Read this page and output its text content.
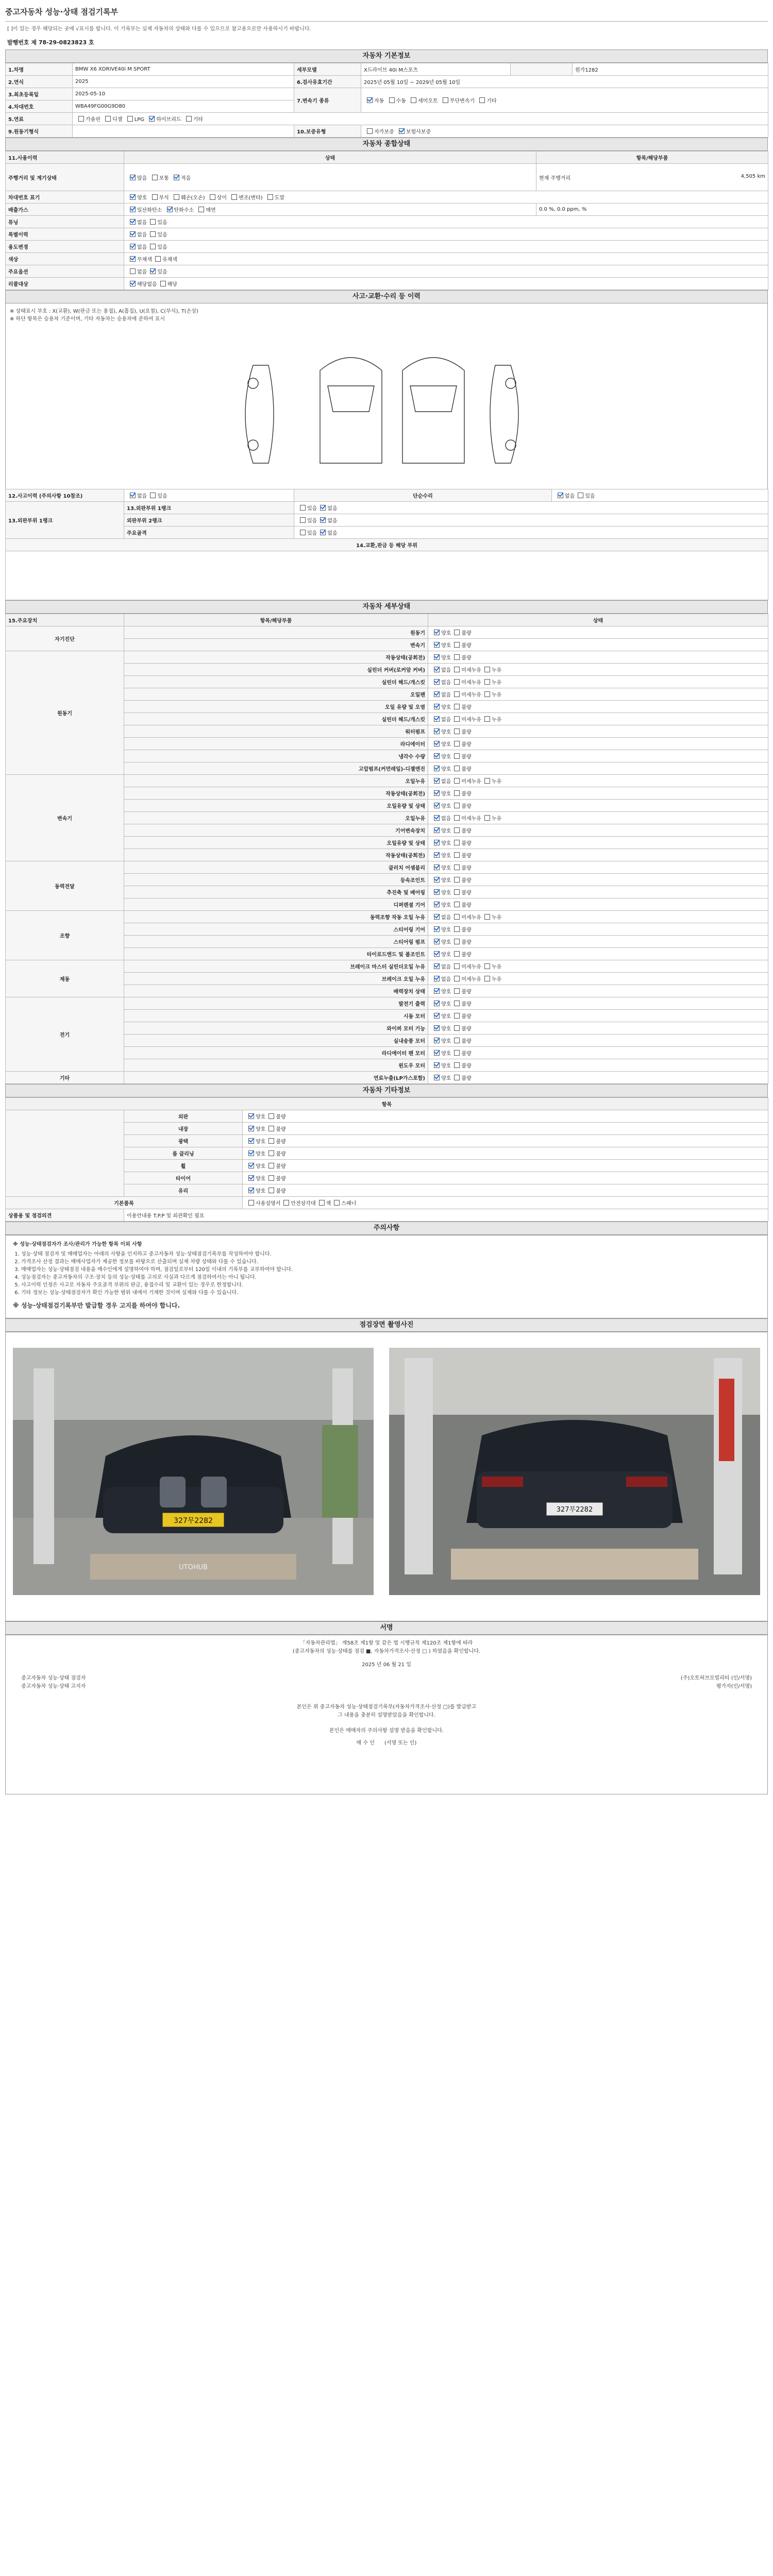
중고자동차 성능·상태 점검기록부
[ ]이 있는 경우 해당되는 곳에 √표시를 합니다. 이 기록부는 실제 자동차의 상태와 다를 수 있으므로 참고용으로만 사용하시기 바랍니다.
발행번호 제 78-29-0823823 호
자동차 기본정보
1.차명	BMW X6 XDRIVE40i M SPORT	세부모델	X드라이브 40i M스포츠		원가1282
2.연식	2025	6.검사유효기간	2025년 05월 10일 ~ 2029년 05월 10일		
3.최초등록일	2025-05-10	7.변속기 종류	자동 수동 세미오토 무단변속기 기타		
4.차대번호	WBA49FG00G9D80				
5.연료	가솔린 디젤 LPG 하이브리드 기타				
9.원동기형식		10.보증유형	자가보증 보험사보증		
자동차 종합상태
11.사용이력	상태	항목/해당부품
주행거리 및 계기상태	많음 보통 적음	현재 주행거리 4,505 km

차대번호 표기	양호 부식 훼손(오손) 상이 변조(변타) 도말	
배출가스	일산화탄소 탄화수소 매연	0.0 %, 0.0 ppm, %
튜닝	없음 있음	
특별이력	없음 있음	
용도변경	없음 있음	
색상	무채색 유채색	
주요옵션	없음 있음	
리콜대상	해당없음 해당	
사고·교환·수리 등 이력
※ 상태표시 부호 : X(교환), W(판금 또는 용접), A(흠집), U(요철), C(부식), T(손상)
※ 하단 항목은 승용차 기준이며, 기타 자동차는 승용차에 준하여 표시
12.사고이력 (주의사항 10참조)	없음 있음	단순수리	없음 있음
13.외판부위 1랭크	13.외판부위 1랭크	있음 없음	
	외판부위 2랭크	있음 없음	
	주요골격	있음 없음	
14.교환,판금 등 해당 부위			

자동차 세부상태
15.주요장치	항목/해당부품	상태
자기진단	원동기	양호 불량
	변속기	양호 불량
원동기	작동상태(공회전)	양호 불량
	실린더 커버(로커암 커버)	없음 미세누유 누유
	실린더 헤드/개스킷	없음 미세누유 누유
	오일팬	없음 미세누유 누유
	오일 유량 및 오염	양호 불량
	실린더 헤드/개스킷	없음 미세누유 누유
	워터펌프	양호 불량
	라디에이터	양호 불량
	냉각수 수량	양호 불량
	고압펌프(커먼레일)-디젤엔진	양호 불량
변속기	오일누유	없음 미세누유 누유
	작동상태(공회전)	양호 불량
	오일유량 및 상태	양호 불량
	오일누유	없음 미세누유 누유
	기어변속장치	양호 불량
	오일유량 및 상태	양호 불량
	작동상태(공회전)	양호 불량
동력전달	클러치 어셈블리	양호 불량
	등속조인트	양호 불량
	추진축 및 베어링	양호 불량
	디퍼렌셜 기어	양호 불량
조향	동력조향 작동 오일 누유	없음 미세누유 누유
	스티어링 기어	양호 불량
	스티어링 펌프	양호 불량
	타이로드엔드 및 볼조인트	양호 불량
제동	브레이크 마스터 실린더오일 누유	없음 미세누유 누유
	브레이크 오일 누유	없음 미세누유 누유
	배력장치 상태	양호 불량
전기	발전기 출력	양호 불량
	시동 모터	양호 불량
	와이퍼 모터 기능	양호 불량
	실내송풍 모터	양호 불량
	라디에이터 팬 모터	양호 불량
	윈도우 모터	양호 불량
기타	연료누출(LP가스포함)	양호 불량
자동차 기타정보
항목		
	외판	양호 불량
	내장	양호 불량
	광택	양호 불량
	룸 클리닝	양호 불량
	휠	양호 불량
	타이어	양호 불량
	유리	양호 불량
기본품목		사용설명서 안전삼각대 잭 스패너
상품용 및 점검의견	이용안내용 T.P.P 및 외관확인 필요	
주의사항
※ 성능·상태점검자가 조사/관리가 가능한 항목 이외 사항
1. 성능·상태 점검자 및 매매업자는 아래의 사항을 인지하고 중고자동차 성능·상태점검기록부를 작성하여야 합니다.
2. 가격조사 산정 결과는 매매사업자가 제공한 정보를 바탕으로 산출되며 실제 차량 상태와 다를 수 있습니다.
3. 매매업자는 성능·상태점검 내용을 매수인에게 설명하여야 하며, 점검일로부터 120일 이내의 기록부를 교부하여야 합니다.
4. 성능점검자는 중고자동차의 구조·장치 등의 성능·상태를 고의로 사실과 다르게 점검하여서는 아니 됩니다.
5. 사고이력 인정은 사고로 자동차 주요골격 부위의 판금, 용접수리 및 교환이 있는 경우로 한정합니다.
6. 기타 정보는 성능·상태점검자가 확인 가능한 범위 내에서 기재한 것이며 실제와 다를 수 있습니다.
※ 성능·상태점검기록부만 발급할 경우 고지를 하여야 합니다.
점검장면 촬영사진
327무2282
UTOHUB
327무2282
서명
「자동차관리법」 제58조 제1항 및 같은 법 시행규칙 제120조 제1항에 따라
(중고자동차의 성능·상태를 점검 ■, 자동차가격조사·산정 □ ) 하였음을 확인합니다.
2025 년 06 월 21 일
중고자동차 성능·상태 점검자	(주)오토허브모빌리티 (인/서명)
중고자동차 성능·상태 고지자	평가자(인/서명)
본인은 위 중고자동차 성능·상태점검기록부(자동차가격조사·산정 □)를 발급받고
그 내용을 충분히 설명받았음을 확인합니다.
본인은 매매자의 주의사항 설명 받음을 확인합니다.
매 수 인 (서명 또는 인)
